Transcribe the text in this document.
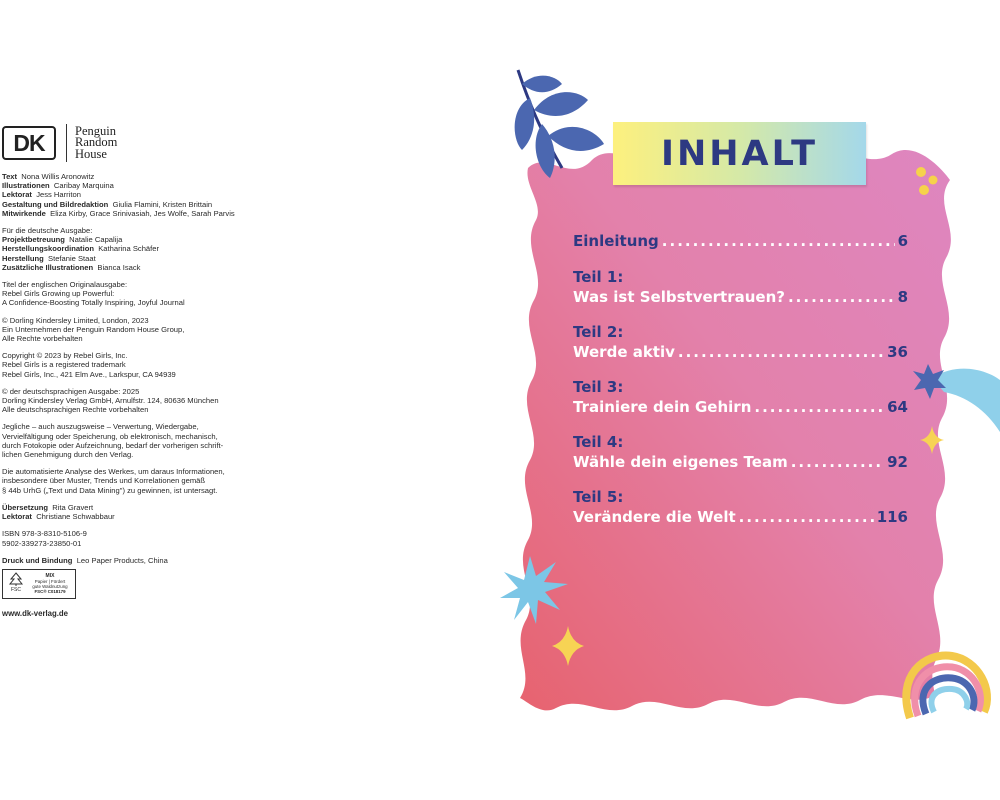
DK	Penguin
Random
House

Text Nona Willis Aronowitz
Illustrationen Caribay Marquina
Lektorat Jess Harriton
Gestaltung und Bildredaktion Giulia Flamini, Kristen Brittain
Mitwirkende Eliza Kirby, Grace Srinivasiah, Jes Wolfe, Sarah Parvis

Für die deutsche Ausgabe:
Projektbetreuung Natalie Capalija
Herstellungskoordination Katharina Schäfer
Herstellung Stefanie Staat
Zusätzliche Illustrationen Bianca Isack

Titel der englischen Originalausgabe:
Rebel Girls Growing up Powerful:
A Confidence-Boosting Totally Inspiring, Joyful Journal

© Dorling Kindersley Limited, London, 2023
Ein Unternehmen der Penguin Random House Group,
Alle Rechte vorbehalten

Copyright © 2023 by Rebel Girls, Inc.
Rebel Girls is a registered trademark
Rebel Girls, Inc., 421 Elm Ave., Larkspur, CA 94939

© der deutschsprachigen Ausgabe: 2025
Dorling Kindersley Verlag GmbH, Arnulfstr. 124, 80636 München
Alle deutschsprachigen Rechte vorbehalten

Jegliche – auch auszugsweise – Verwertung, Wiedergabe,
Vervielfältigung oder Speicherung, ob elektronisch, mechanisch,
durch Fotokopie oder Aufzeichnung, bedarf der vorherigen schrift-
lichen Genehmigung durch den Verlag.

Die automatisierte Analyse des Werkes, um daraus Informationen,
insbesondere über Muster, Trends und Korrelationen gemäß
§ 44b UrhG („Text und Data Mining") zu gewinnen, ist untersagt.

Übersetzung Rita Gravert
Lektorat Christiane Schwabbaur

ISBN 978-3-8310-5106-9
5902-339273-23850-01

Druck und Bindung Leo Paper Products, China

FSC
MIX
Papier | Fördert
gute Waldnutzung
FSC® C018179
www.dk-verlag.de
INHALT
Einleitung .....	6
Teil 1:
Was ist Selbstvertrauen? .....	8
Teil 2:
Werde aktiv .....	36
Teil 3:
Trainiere dein Gehirn .....	64
Teil 4:
Wähle dein eigenes Team .....	92
Teil 5:
Verändere die Welt .....	116
